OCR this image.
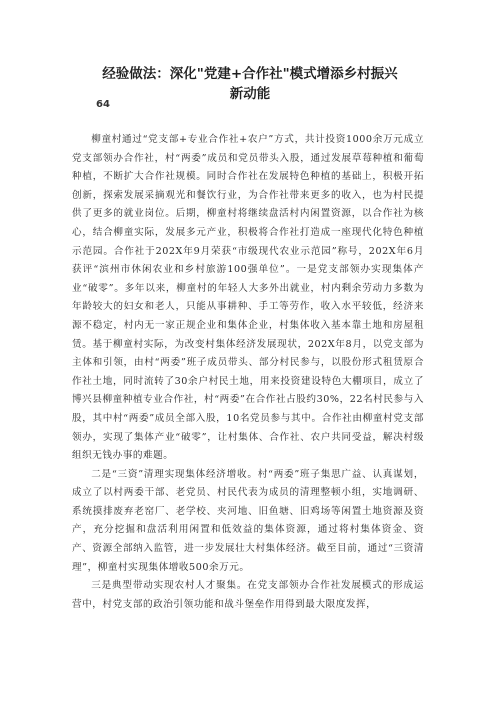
经验做法：深化"党建+合作社"模式增添乡村振兴
新动能
64

柳童村通过“党支部+专业合作社+农户”方式，共计投资1000余万元成立党支部领办合作社，村“两委”成员和党员带头入股，通过发展草莓种植和葡萄种植，不断扩大合作社规模。同时合作社在发展特色种植的基础上，积极开拓创新，探索发展采摘观光和餐饮行业，为合作社带来更多的收入，也为村民提供了更多的就业岗位。后期，柳童村将继续盘活村内闲置资源，以合作社为核心，结合柳童实际，发展多元产业，积极将合作社打造成一座现代化特色种植示范园。合作社于202X年9月荣获“市级现代农业示范园”称号，202X年6月获评“滨州市休闲农业和乡村旅游100强单位”。一是党支部领办实现集体产业“破零”。多年以来，柳童村的年轻人大多外出就业，村内剩余劳动力多数为年龄较大的妇女和老人，只能从事耕种、手工等劳作，收入水平较低，经济来源不稳定，村内无一家正规企业和集体企业，村集体收入基本靠土地和房屋租赁。基于柳童村实际，为改变村集体经济发展现状，202X年8月，以党支部为主体和引领，由村“两委”班子成员带头、部分村民参与，以股份形式租赁原合作社土地，同时流转了30余户村民土地，用来投资建设特色大棚项目，成立了博兴县柳童种植专业合作社，村“两委”在合作社占股约30%，22名村民参与入股，其中村“两委”成员全部入股，10名党员参与其中。合作社由柳童村党支部领办，实现了集体产业“破零”，让村集体、合作社、农户共同受益，解决村级组织无钱办事的难题。

二是“三资”清理实现集体经济增收。村“两委”班子集思广益、认真谋划，成立了以村两委干部、老党员、村民代表为成员的清理整顿小组，实地调研、系统摸排废弃老窑厂、老学校、夹河地、旧鱼塘、旧鸡场等闲置土地资源及资产，充分挖掘和盘活利用闲置和低效益的集体资源，通过将村集体资金、资产、资源全部纳入监管，进一步发展壮大村集体经济。截至目前，通过“三资清理”，柳童村实现集体增收500余万元。

三是典型带动实现农村人才聚集。在党支部领办合作社发展模式的形成运营中，村党支部的政治引领功能和战斗堡垒作用得到最大限度发挥，
